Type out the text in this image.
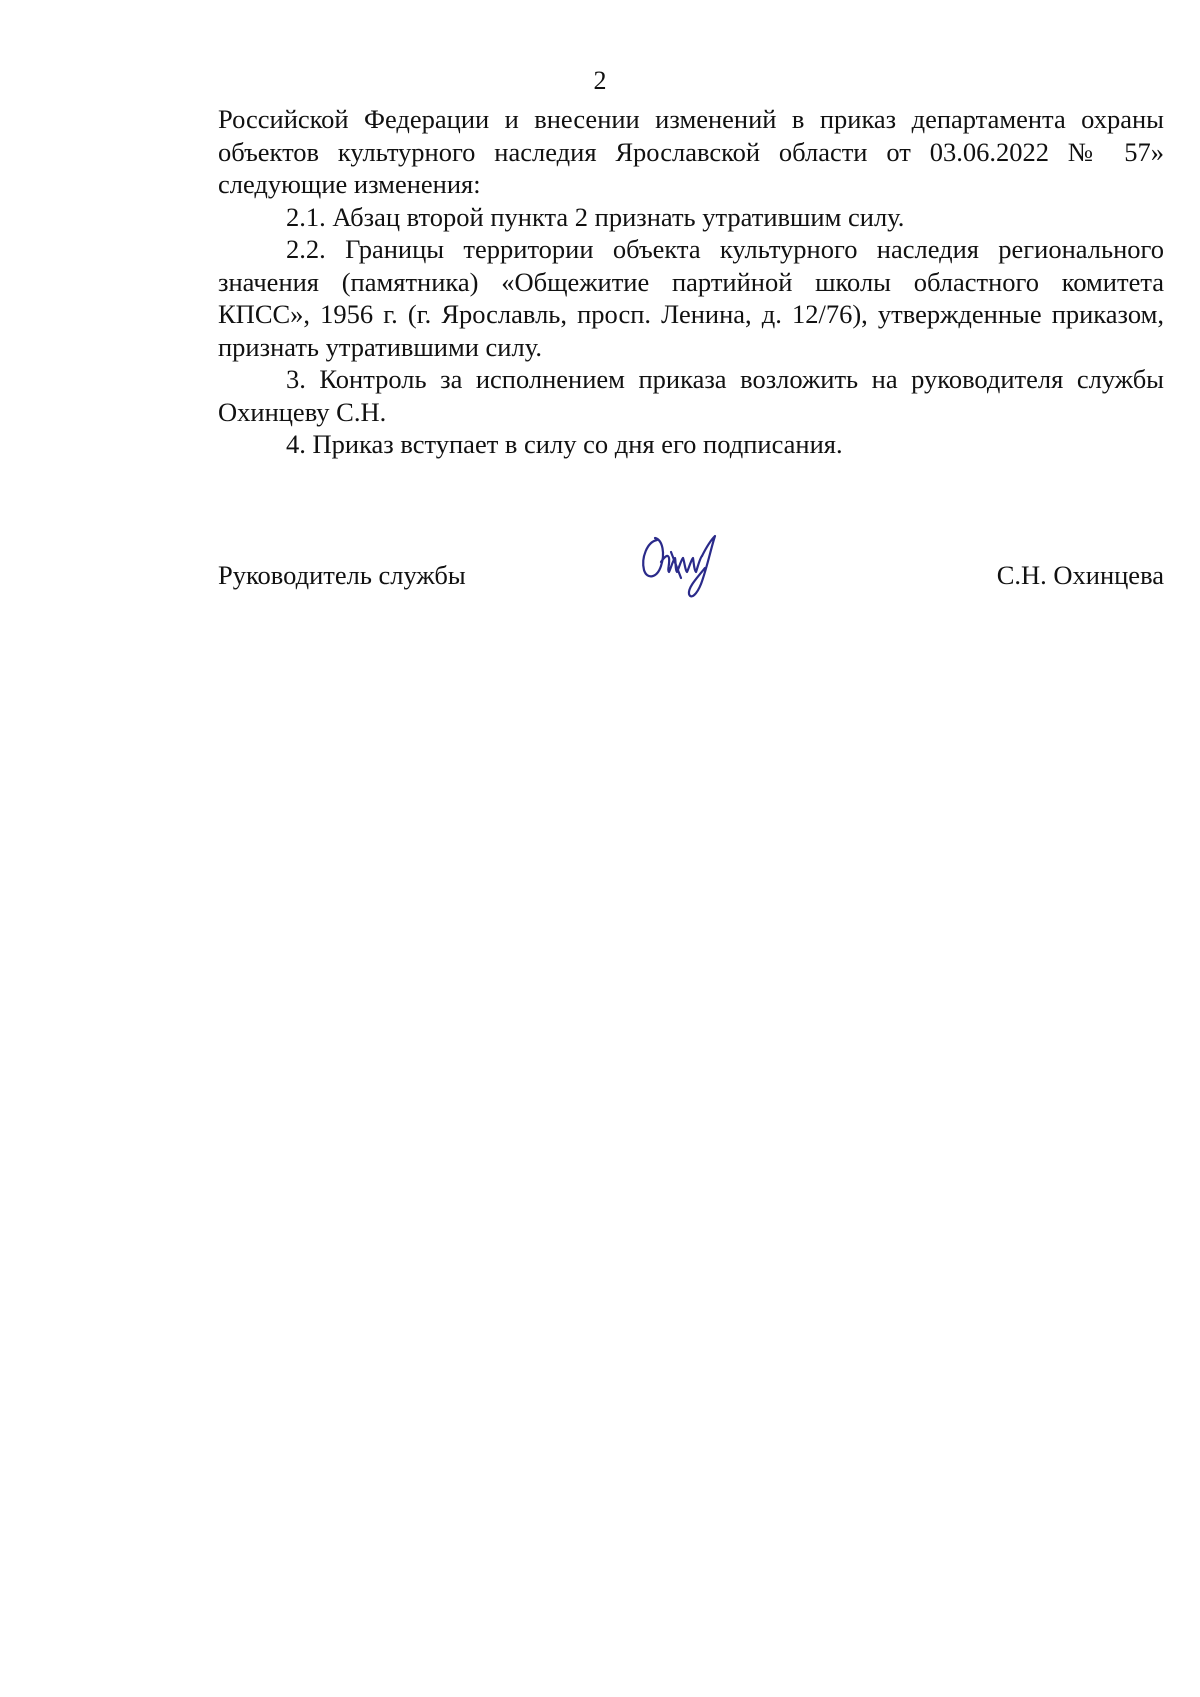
2

Российской Федерации и внесении изменений в приказ департамента охраны объектов культурного наследия Ярославской области от 03.06.2022 № 57» следующие изменения:

2.1. Абзац второй пункта 2 признать утратившим силу.

2.2. Границы территории объекта культурного наследия регионального значения (памятника) «Общежитие партийной школы областного комитета КПСС», 1956 г. (г. Ярославль, просп. Ленина, д. 12/76), утвержденные приказом, признать утратившими силу.

3. Контроль за исполнением приказа возложить на руководителя службы Охинцеву С.Н.

4. Приказ вступает в силу со дня его подписания.

Руководитель службы	С.Н. Охинцева
